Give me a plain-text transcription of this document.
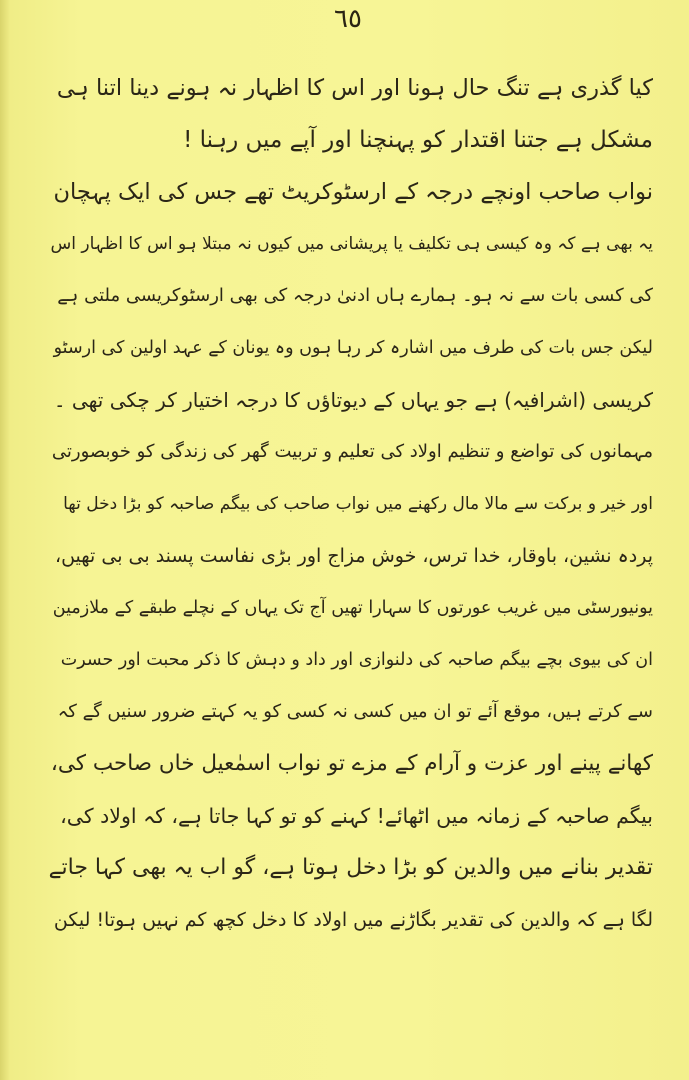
٦٥
کیا گذری ہے تنگ حال ہونا اور اس کا اظہار نہ ہونے دینا اتنا ہی
مشکل ہے جتنا اقتدار کو پہنچنا اور آپے میں رہنا !
نواب صاحب اونچے درجہ کے ارسٹوکریٹ تھے جس کی ایک پہچان
یہ بھی ہے کہ وہ کیسی ہی تکلیف یا پریشانی میں کیوں نہ مبتلا ہو اس کا اظہار اس
کی کسی بات سے نہ ہو۔ ہمارے ہاں ادنیٰ درجہ کی بھی ارسٹوکریسی ملتی ہے
لیکن جس بات کی طرف میں اشارہ کر رہا ہوں وہ یونان کے عہد اولین کی ارسٹو
کریسی (اشرافیہ) ہے جو یہاں کے دیوتاؤں کا درجہ اختیار کر چکی تھی ۔
مہمانوں کی تواضع و تنظیم اولاد کی تعلیم و تربیت گھر کی زندگی کو خوبصورتی
اور خیر و برکت سے مالا مال رکھنے میں نواب صاحب کی بیگم صاحبہ کو بڑا دخل تھا
پردہ نشین، باوقار، خدا ترس، خوش مزاج اور بڑی نفاست پسند بی بی تھیں،
یونیورسٹی میں غریب عورتوں کا سہارا تھیں آج تک یہاں کے نچلے طبقے کے ملازمین
ان کی بیوی بچے بیگم صاحبہ کی دلنوازی اور داد و دہش کا ذکر محبت اور حسرت
سے کرتے ہیں، موقع آئے تو ان میں کسی نہ کسی کو یہ کہتے ضرور سنیں گے کہ
کھانے پینے اور عزت و آرام کے مزے تو نواب اسمٰعیل خاں صاحب کی،
بیگم صاحبہ کے زمانہ میں اٹھائے! کہنے کو تو کہا جاتا ہے، کہ اولاد کی،
تقدیر بنانے میں والدین کو بڑا دخل ہوتا ہے، گو اب یہ بھی کہا جاتے
لگا ہے کہ والدین کی تقدیر بگاڑنے میں اولاد کا دخل کچھ کم نہیں ہوتا! لیکن
